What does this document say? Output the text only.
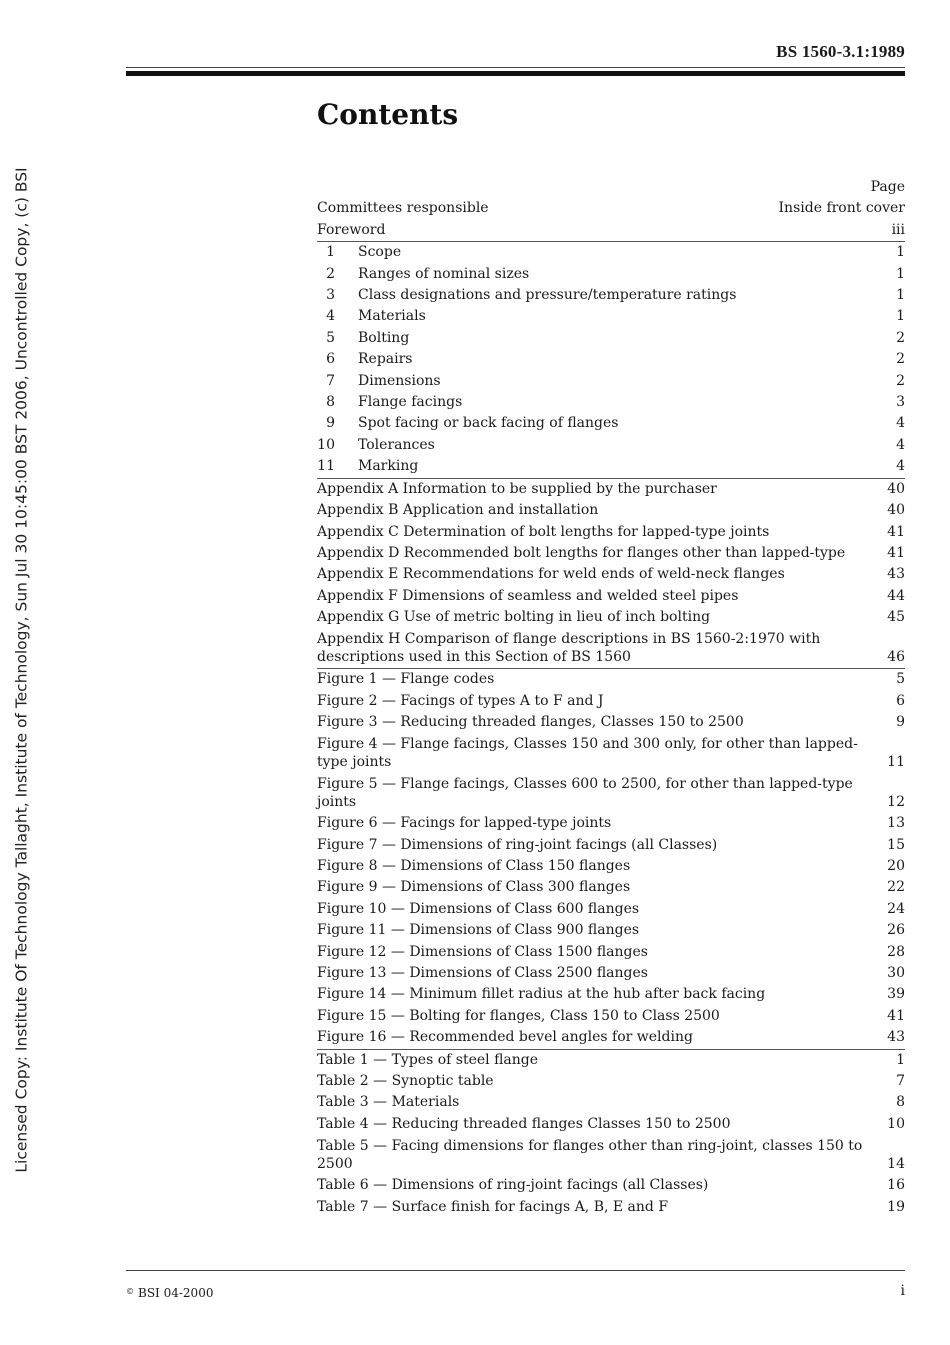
BS 1560-3.1:1989
Licensed Copy: Institute Of Technology Tallaght, Institute of Technology, Sun Jul 30 10:45:00 BST 2006, Uncontrolled Copy, (c) BSI
Contents
Page
Committees responsible	Inside front cover
Foreword	iii
1	Scope	1
2	Ranges of nominal sizes	1
3	Class designations and pressure/temperature ratings	1
4	Materials	1
5	Bolting	2
6	Repairs	2
7	Dimensions	2
8	Flange facings	3
9	Spot facing or back facing of flanges	4
10	Tolerances	4
11	Marking	4
Appendix A Information to be supplied by the purchaser	40
Appendix B Application and installation	40
Appendix C Determination of bolt lengths for lapped-type joints	41
Appendix D Recommended bolt lengths for flanges other than lapped-type	41
Appendix E Recommendations for weld ends of weld-neck flanges	43
Appendix F Dimensions of seamless and welded steel pipes	44
Appendix G Use of metric bolting in lieu of inch bolting	45
Appendix H Comparison of flange descriptions in BS 1560-2:1970 with descriptions used in this Section of BS 1560	46
Figure 1 — Flange codes	5
Figure 2 — Facings of types A to F and J	6
Figure 3 — Reducing threaded flanges, Classes 150 to 2500	9
Figure 4 — Flange facings, Classes 150 and 300 only, for other than lapped-type joints	11
Figure 5 — Flange facings, Classes 600 to 2500, for other than lapped-type joints	12
Figure 6 — Facings for lapped-type joints	13
Figure 7 — Dimensions of ring-joint facings (all Classes)	15
Figure 8 — Dimensions of Class 150 flanges	20
Figure 9 — Dimensions of Class 300 flanges	22
Figure 10 — Dimensions of Class 600 flanges	24
Figure 11 — Dimensions of Class 900 flanges	26
Figure 12 — Dimensions of Class 1500 flanges	28
Figure 13 — Dimensions of Class 2500 flanges	30
Figure 14 — Minimum fillet radius at the hub after back facing	39
Figure 15 — Bolting for flanges, Class 150 to Class 2500	41
Figure 16 — Recommended bevel angles for welding	43
Table 1 — Types of steel flange	1
Table 2 — Synoptic table	7
Table 3 — Materials	8
Table 4 — Reducing threaded flanges Classes 150 to 2500	10
Table 5 — Facing dimensions for flanges other than ring-joint, classes 150 to 2500	14
Table 6 — Dimensions of ring-joint facings (all Classes)	16
Table 7 — Surface finish for facings A, B, E and F	19
© BSI 04-2000	i
